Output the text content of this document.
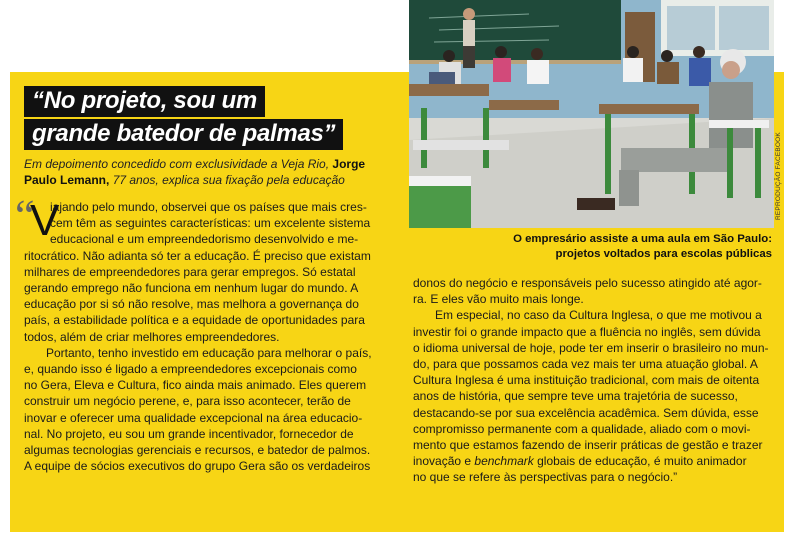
REPRODUÇÃO FACEBOOK
O empresário assiste a uma aula em São Paulo:
projetos voltados para escolas públicas
“No projeto, sou um
grande batedor de palmas”
Em depoimento concedido com exclusividade a Veja Rio, Jorge
Paulo Lemann, 77 anos, explica sua fixação pela educação
“
V
iajando pelo mundo, observei que os países que mais cres-
cem têm as seguintes características: um excelente sistema
educacional e um empreendedorismo desenvolvido e me-
ritocrático. Não adianta só ter a educação. É preciso que existam
milhares de empreendedores para gerar empregos. Só estatal
gerando emprego não funciona em nenhum lugar do mundo. A
educação por si só não resolve, mas melhora a governança do
país, a estabilidade política e a equidade de oportunidades para
todos, além de criar melhores empreendedores.
Portanto, tenho investido em educação para melhorar o país,
e, quando isso é ligado a empreendedores excepcionais como
no Gera, Eleva e Cultura, fico ainda mais animado. Eles querem
construir um negócio perene, e, para isso acontecer, terão de
inovar e oferecer uma qualidade excepcional na área educacio-
nal. No projeto, eu sou um grande incentivador, fornecedor de
algumas tecnologias gerenciais e recursos, e batedor de palmos.
A equipe de sócios executivos do grupo Gera são os verdadeiros
donos do negócio e responsáveis pelo sucesso atingido até agor-
ra. E eles vão muito mais longe.
Em especial, no caso da Cultura Inglesa, o que me motivou a
investir foi o grande impacto que a fluência no inglês, sem dúvida
o idioma universal de hoje, pode ter em inserir o brasileiro no mun-
do, para que possamos cada vez mais ter uma atuação global. A
Cultura Inglesa é uma instituição tradicional, com mais de oitenta
anos de história, que sempre teve uma trajetória de sucesso,
destacando-se por sua excelência acadêmica. Sem dúvida, esse
compromisso permanente com a qualidade, aliado com o movi-
mento que estamos fazendo de inserir práticas de gestão e trazer
inovação e benchmark globais de educação, é muito animador
no que se refere às perspectivas para o negócio.”
